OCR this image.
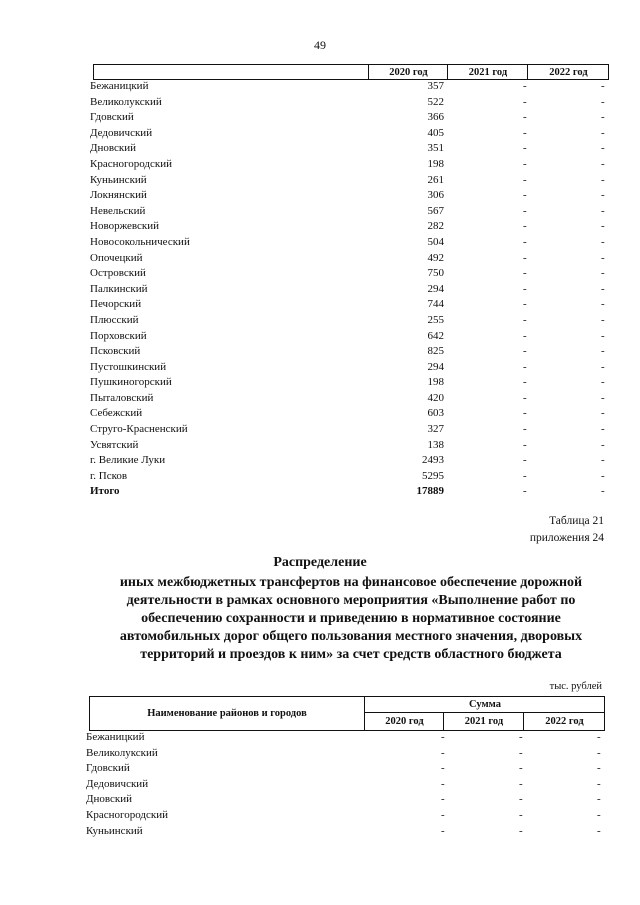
49
2020 год	2021 год	2022 год
Бежаницкий	357	-	-
Великолукский	522	-	-
Гдовский	366	-	-
Дедовичский	405	-	-
Дновский	351	-	-
Красногородский	198	-	-
Куньинский	261	-	-
Локнянский	306	-	-
Невельский	567	-	-
Новоржевский	282	-	-
Новосокольнический	504	-	-
Опочецкий	492	-	-
Островский	750	-	-
Палкинский	294	-	-
Печорский	744	-	-
Плюсский	255	-	-
Порховский	642	-	-
Псковский	825	-	-
Пустошкинский	294	-	-
Пушкиногорский	198	-	-
Пыталовский	420	-	-
Себежский	603	-	-
Струго-Красненский	327	-	-
Усвятский	138	-	-
г. Великие Луки	2493	-	-
г. Псков	5295	-	-
Итого	17889	-	-
Таблица 21
приложения 24
Распределение
иных межбюджетных трансфертов на финансовое обеспечение дорожной
деятельности в рамках основного мероприятия «Выполнение работ по
обеспечению сохранности и приведению в нормативное состояние
автомобильных дорог общего пользования местного значения, дворовых
территорий и проездов к ним» за счет средств областного бюджета
тыс. рублей
Наименование районов и городов
Сумма
2020 год	2021 год	2022 год
Бежаницкий	-	-	-
Великолукский	-	-	-
Гдовский	-	-	-
Дедовичский	-	-	-
Дновский	-	-	-
Красногородский	-	-	-
Куньинский	-	-	-
